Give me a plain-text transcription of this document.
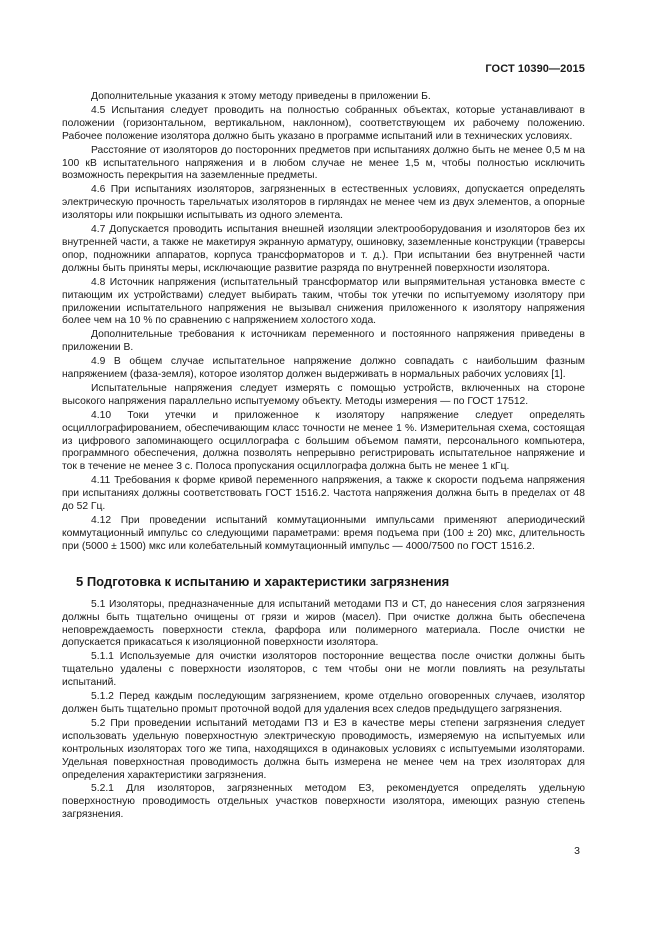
ГОСТ 10390—2015

Дополнительные указания к этому методу приведены в приложении Б.

4.5 Испытания следует проводить на полностью собранных объектах, которые устанавливают в положении (горизонтальном, вертикальном, наклонном), соответствующем их рабочему положению. Рабочее положение изолятора должно быть указано в программе испытаний или в технических условиях.

Расстояние от изоляторов до посторонних предметов при испытаниях должно быть не менее 0,5 м на 100 кВ испытательного напряжения и в любом случае не менее 1,5 м, чтобы полностью исключить возможность перекрытия на заземленные предметы.

4.6 При испытаниях изоляторов, загрязненных в естественных условиях, допускается определять электрическую прочность тарельчатых изоляторов в гирляндах не менее чем из двух элементов, а опорные изоляторы или покрышки испытывать из одного элемента.

4.7 Допускается проводить испытания внешней изоляции электрооборудования и изоляторов без их внутренней части, а также не макетируя экранную арматуру, ошиновку, заземленные конструкции (траверсы опор, подножники аппаратов, корпуса трансформаторов и т. д.). При испытании без внутренней части должны быть приняты меры, исключающие развитие разряда по внутренней поверхности изолятора.

4.8 Источник напряжения (испытательный трансформатор или выпрямительная установка вместе с питающим их устройствами) следует выбирать таким, чтобы ток утечки по испытуемому изолятору при приложении испытательного напряжения не вызывал снижения приложенного к изолятору напряжения более чем на 10 % по сравнению с напряжением холостого хода.

Дополнительные требования к источникам переменного и постоянного напряжения приведены в приложении В.

4.9 В общем случае испытательное напряжение должно совпадать с наибольшим фазным напряжением (фаза-земля), которое изолятор должен выдерживать в нормальных рабочих условиях [1].

Испытательные напряжения следует измерять с помощью устройств, включенных на стороне высокого напряжения параллельно испытуемому объекту. Методы измерения — по ГОСТ 17512.

4.10 Токи утечки и приложенное к изолятору напряжение следует определять осциллографированием, обеспечивающим класс точности не менее 1 %. Измерительная схема, состоящая из цифрового запоминающего осциллографа с большим объемом памяти, персонального компьютера, программного обеспечения, должна позволять непрерывно регистрировать испытательное напряжение и ток в течение не менее 3 с. Полоса пропускания осциллографа должна быть не менее 1 кГц.

4.11 Требования к форме кривой переменного напряжения, а также к скорости подъема напряжения при испытаниях должны соответствовать ГОСТ 1516.2. Частота напряжения должна быть в пределах от 48 до 52 Гц.

4.12 При проведении испытаний коммутационными импульсами применяют апериодический коммутационный импульс со следующими параметрами: время подъема при (100 ± 20) мкс, длительность при (5000 ± 1500) мкс или колебательный коммутационный импульс — 4000/7500 по ГОСТ 1516.2.

5 Подготовка к испытанию и характеристики загрязнения

5.1 Изоляторы, предназначенные для испытаний методами ПЗ и СТ, до нанесения слоя загрязнения должны быть тщательно очищены от грязи и жиров (масел). При очистке должна быть обеспечена неповреждаемость поверхности стекла, фарфора или полимерного материала. После очистки не допускается прикасаться к изоляционной поверхности изолятора.

5.1.1 Используемые для очистки изоляторов посторонние вещества после очистки должны быть тщательно удалены с поверхности изоляторов, с тем чтобы они не могли повлиять на результаты испытаний.

5.1.2 Перед каждым последующим загрязнением, кроме отдельно оговоренных случаев, изолятор должен быть тщательно промыт проточной водой для удаления всех следов предыдущего загрязнения.

5.2 При проведении испытаний методами ПЗ и ЕЗ в качестве меры степени загрязнения следует использовать удельную поверхностную электрическую проводимость, измеряемую на испытуемых или контрольных изоляторах того же типа, находящихся в одинаковых условиях с испытуемыми изоляторами. Удельная поверхностная проводимость должна быть измерена не менее чем на трех изоляторах для определения характеристики загрязнения.

5.2.1 Для изоляторов, загрязненных методом ЕЗ, рекомендуется определять удельную поверхностную проводимость отдельных участков поверхности изолятора, имеющих разную степень загрязнения.

3
